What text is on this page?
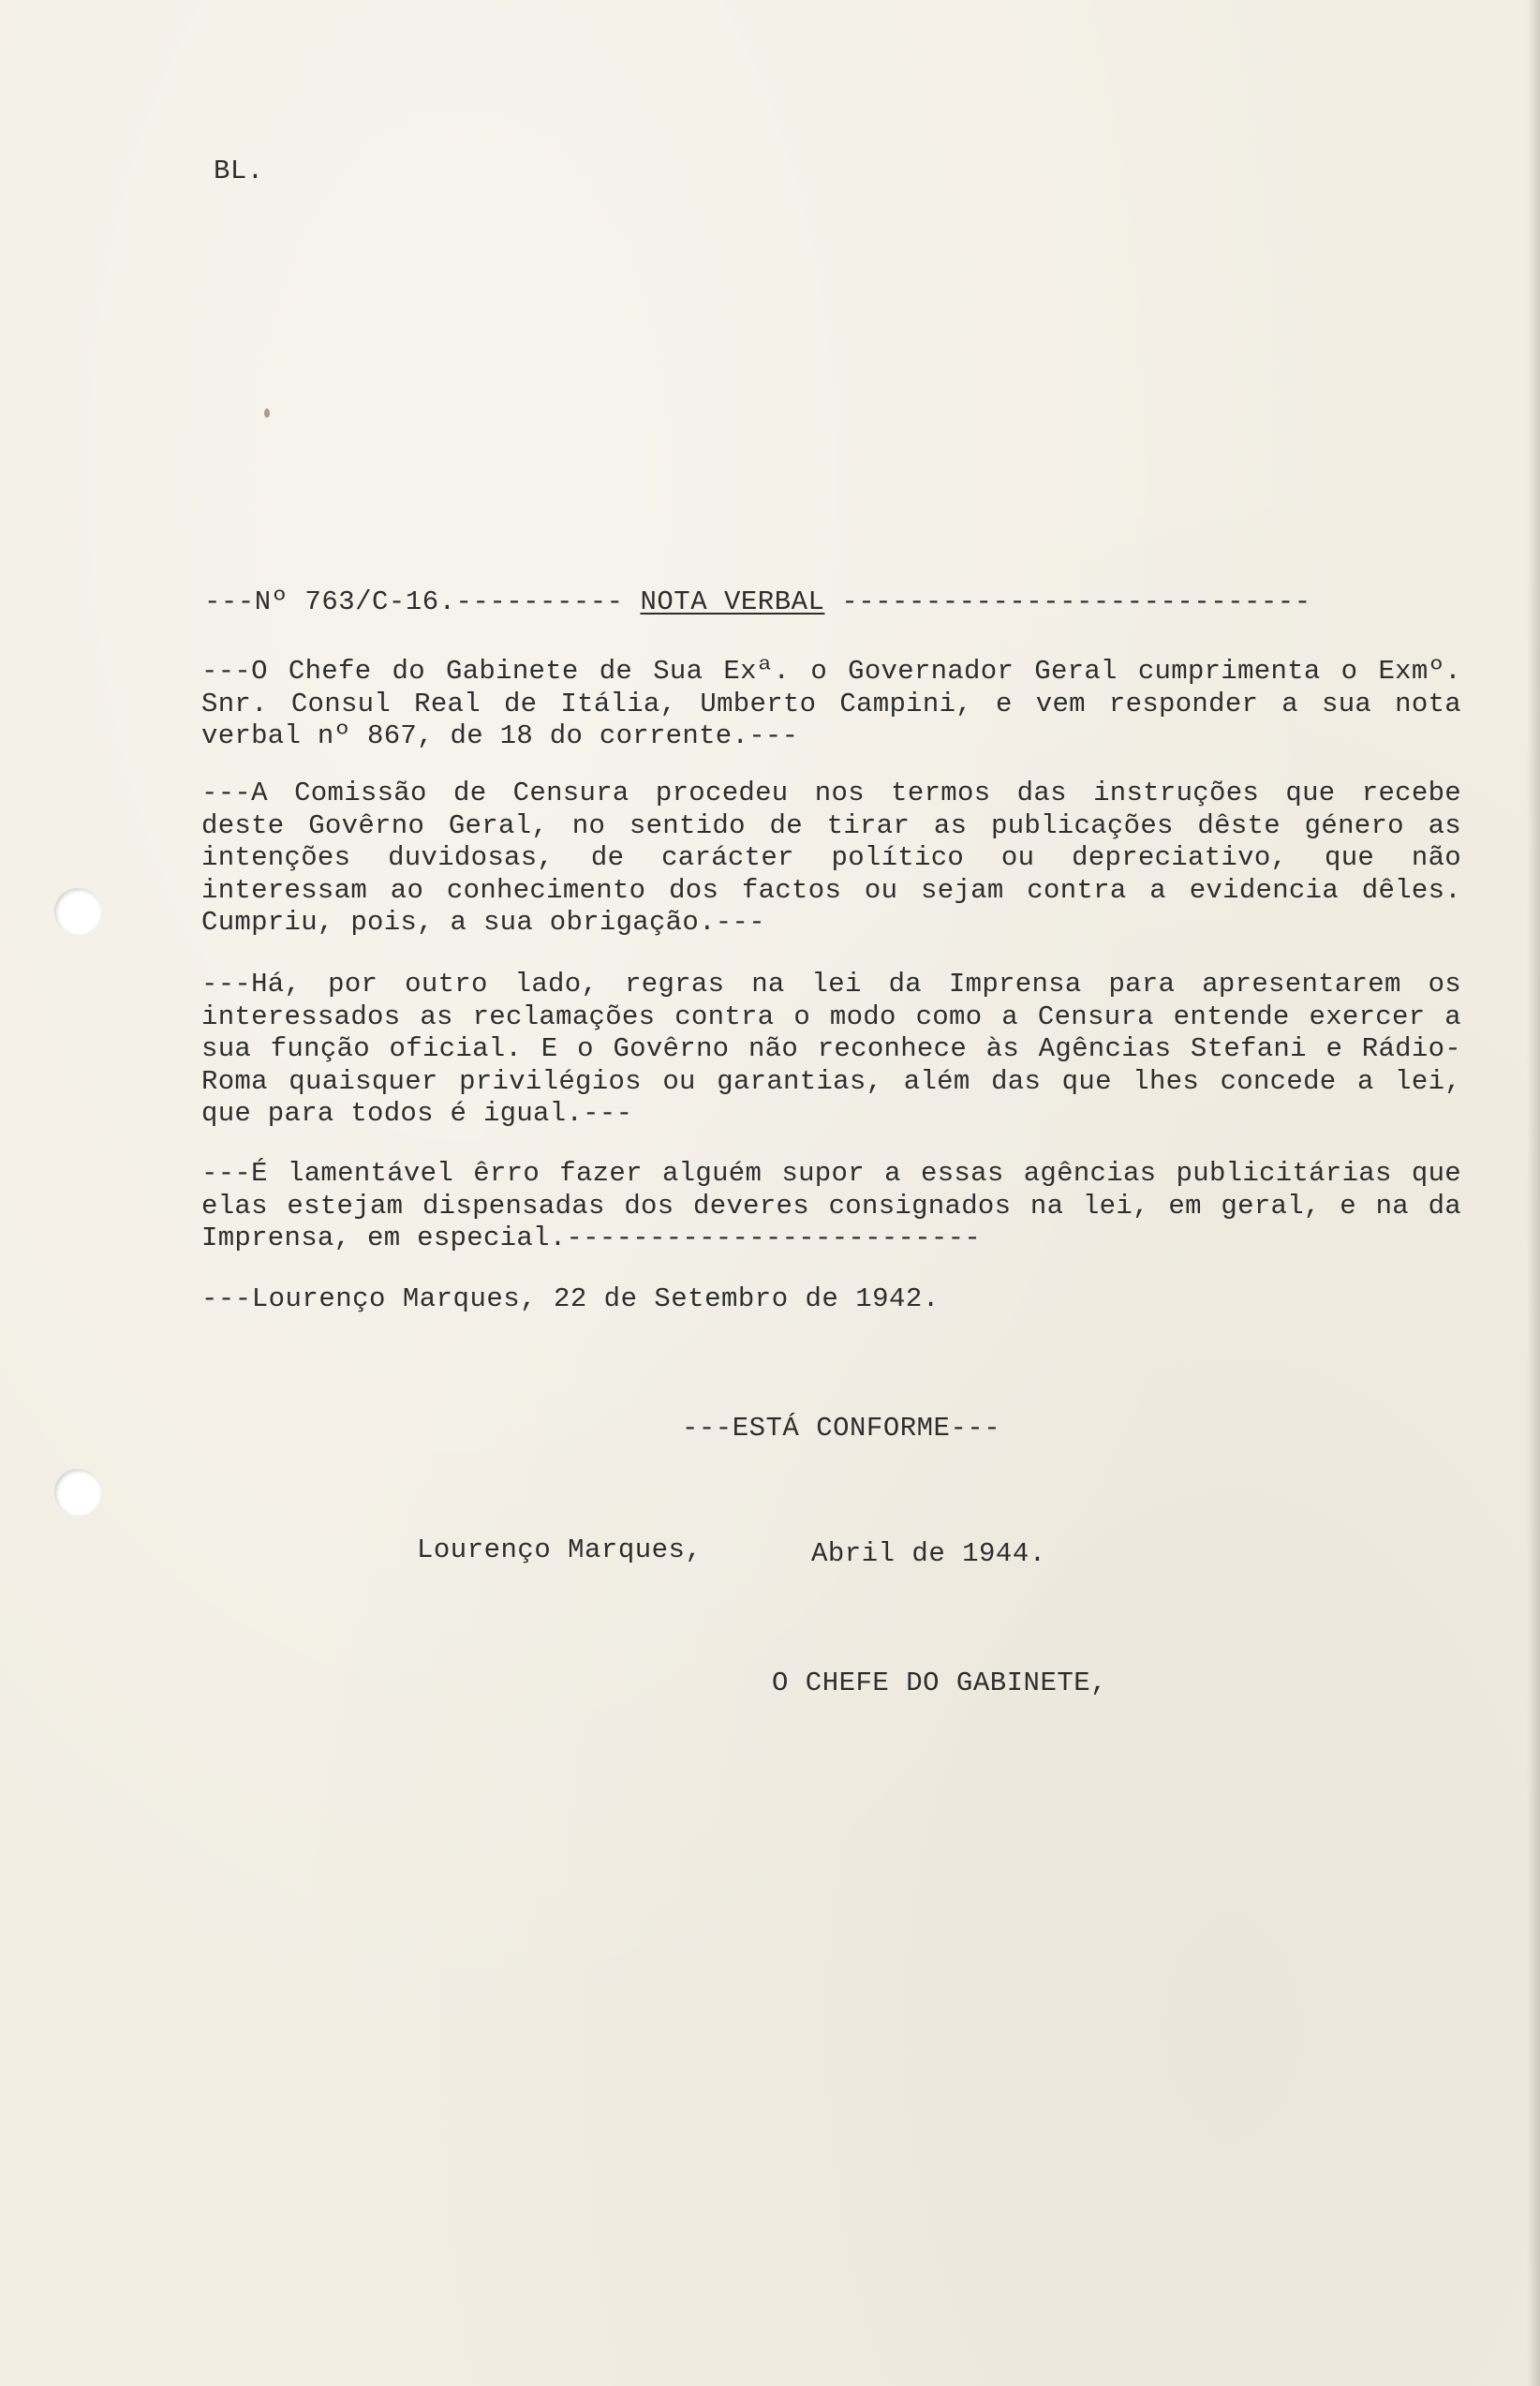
BL.
---Nº 763/C-16.---------- NOTA VERBAL ----------------------------
---O Chefe do Gabinete de Sua Exª. o Governador Geral cumprimenta o Exmº. Snr. Consul Real de Itália, Umberto Campini, e vem responder a sua nota verbal nº 867, de 18 do corrente.---
---A Comissão de Censura procedeu nos termos das instruções que recebe deste Govêrno Geral, no sentido de tirar as publicações dêste género as intenções duvidosas, de carácter político ou depreciativo, que não interessam ao conhecimento dos factos ou sejam contra a evidencia dêles. Cumpriu, pois, a sua obrigação.---
---Há, por outro lado, regras na lei da Imprensa para apresentarem os interessados as reclamações contra o modo como a Censura entende exercer a sua função oficial. E o Govêrno não reconhece às Agências Stefani e Rádio-Roma quaisquer privilégios ou garantias, além das que lhes concede a lei, que para todos é igual.---
---É lamentável êrro fazer alguém supor a essas agências publicitárias que elas estejam dispensadas dos deveres consignados na lei, em geral, e na da Imprensa, em especial.-------------------------
---Lourenço Marques, 22 de Setembro de 1942.
---ESTÁ CONFORME---
Lourenço Marques,	Abril de 1944.
O CHEFE DO GABINETE,
